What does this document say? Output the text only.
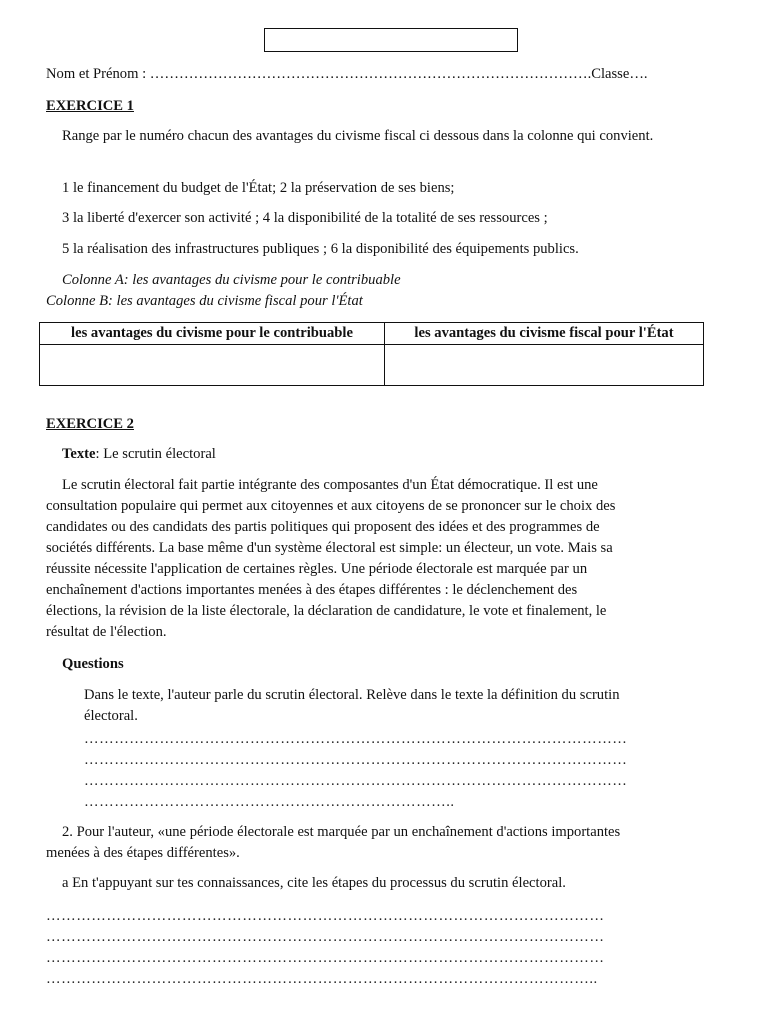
Nom et Prénom : ……………………………………………………………………………….Classe….
EXERCICE 1
Range par le numéro chacun des avantages du civisme fiscal ci dessous dans la colonne qui convient.
1 le financement du budget de l'État; 2 la préservation de ses biens;
3 la liberté d'exercer son activité ; 4 la disponibilité de la totalité de ses ressources ;
5 la réalisation des infrastructures publiques ; 6 la disponibilité des équipements publics.
Colonne A: les avantages du civisme pour le contribuable
Colonne B: les avantages du civisme fiscal pour l'État
les avantages du civisme pour le contribuable	les avantages du civisme fiscal pour l'État

EXERCICE 2
Texte: Le scrutin électoral
Le scrutin électoral fait partie intégrante des composantes d'un État démocratique. Il est une
consultation populaire qui permet aux citoyennes et aux citoyens de se prononcer sur le choix des
candidates ou des candidats des partis politiques qui proposent des idées et des programmes de
sociétés différents. La base même d'un système électoral est simple: un électeur, un vote. Mais sa
réussite nécessite l'application de certaines règles. Une période électorale est marquée par un
enchaînement d'actions importantes menées à des étapes différentes : le déclenchement des
élections, la révision de la liste électorale, la déclaration de candidature, le vote et finalement, le
résultat de l'élection.
Questions
Dans le texte, l'auteur parle du scrutin électoral. Relève dans le texte la définition du scrutin
électoral.
………………………………………………………………………………………………
………………………………………………………………………………………………
………………………………………………………………………………………………
………………………………………………………………..
2. Pour l'auteur, «une période électorale est marquée par un enchaînement d'actions importantes
menées à des étapes différentes».
a En t'appuyant sur tes connaissances, cite les étapes du processus du scrutin électoral.
…………………………………………………………………………………………………
…………………………………………………………………………………………………
…………………………………………………………………………………………………
………………………………………………………………………………………………..
